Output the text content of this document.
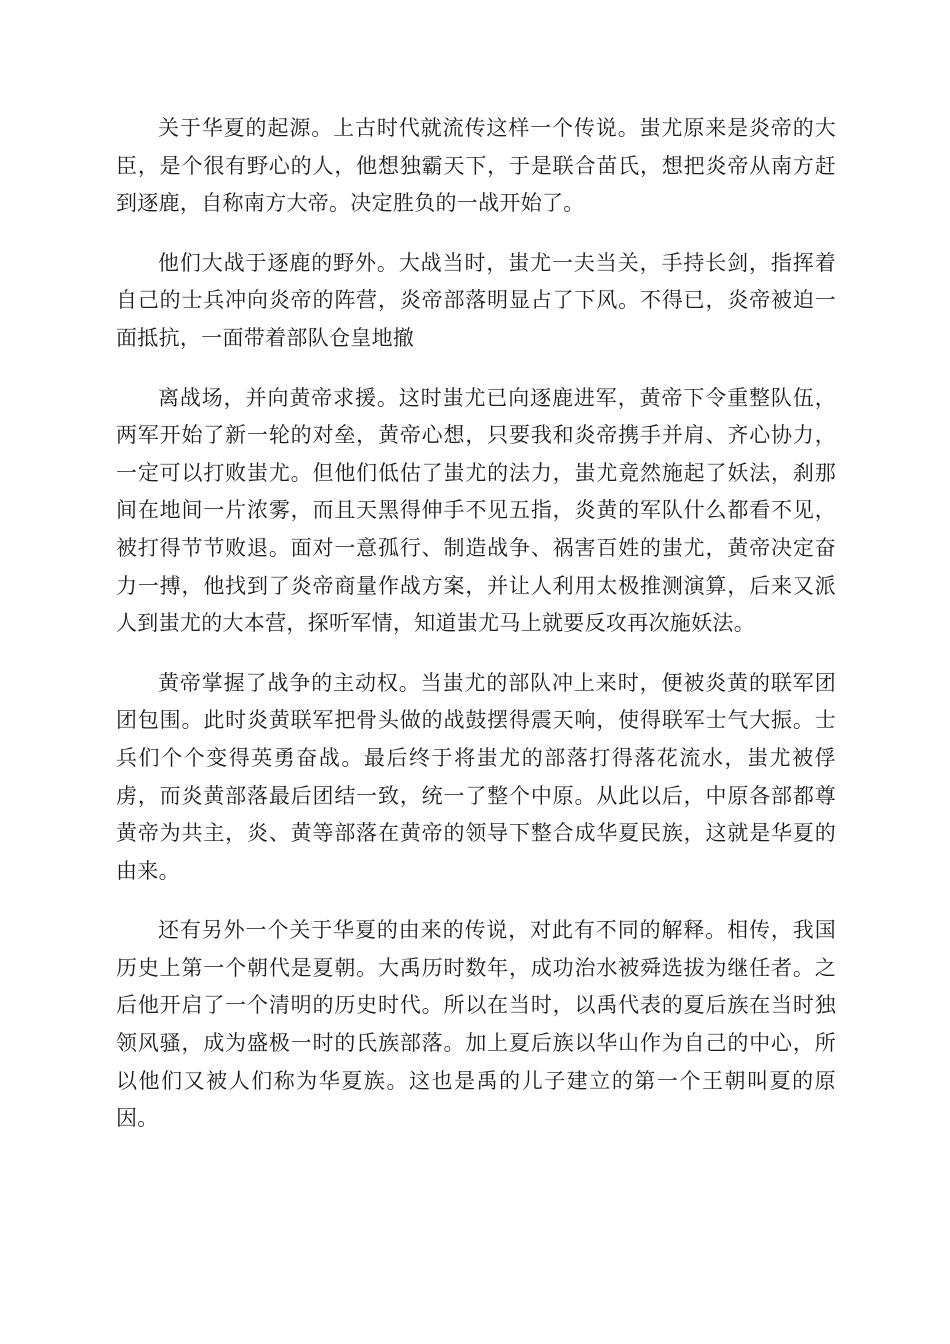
关于华夏的起源。上古时代就流传这样一个传说。蚩尤原来是炎帝的大臣，是个很有野心的人，他想独霸天下，于是联合苗氏，想把炎帝从南方赶到逐鹿，自称南方大帝。决定胜负的一战开始了。

他们大战于逐鹿的野外。大战当时，蚩尤一夫当关，手持长剑，指挥着自己的士兵冲向炎帝的阵营，炎帝部落明显占了下风。不得已，炎帝被迫一面抵抗，一面带着部队仓皇地撤

离战场，并向黄帝求援。这时蚩尤已向逐鹿进军，黄帝下令重整队伍，两军开始了新一轮的对垒，黄帝心想，只要我和炎帝携手并肩、齐心协力，一定可以打败蚩尤。但他们低估了蚩尤的法力，蚩尤竟然施起了妖法，刹那间在地间一片浓雾，而且天黑得伸手不见五指，炎黄的军队什么都看不见，被打得节节败退。面对一意孤行、制造战争、祸害百姓的蚩尤，黄帝决定奋力一搏，他找到了炎帝商量作战方案，并让人利用太极推测演算，后来又派人到蚩尤的大本营，探听军情，知道蚩尤马上就要反攻再次施妖法。

黄帝掌握了战争的主动权。当蚩尤的部队冲上来时，便被炎黄的联军团团包围。此时炎黄联军把骨头做的战鼓摆得震天响，使得联军士气大振。士兵们个个变得英勇奋战。最后终于将蚩尤的部落打得落花流水，蚩尤被俘虏，而炎黄部落最后团结一致，统一了整个中原。从此以后，中原各部都尊黄帝为共主，炎、黄等部落在黄帝的领导下整合成华夏民族，这就是华夏的由来。

还有另外一个关于华夏的由来的传说，对此有不同的解释。相传，我国历史上第一个朝代是夏朝。大禹历时数年，成功治水被舜选拔为继任者。之后他开启了一个清明的历史时代。所以在当时，以禹代表的夏后族在当时独领风骚，成为盛极一时的氏族部落。加上夏后族以华山作为自己的中心，所以他们又被人们称为华夏族。这也是禹的儿子建立的第一个王朝叫夏的原因。
